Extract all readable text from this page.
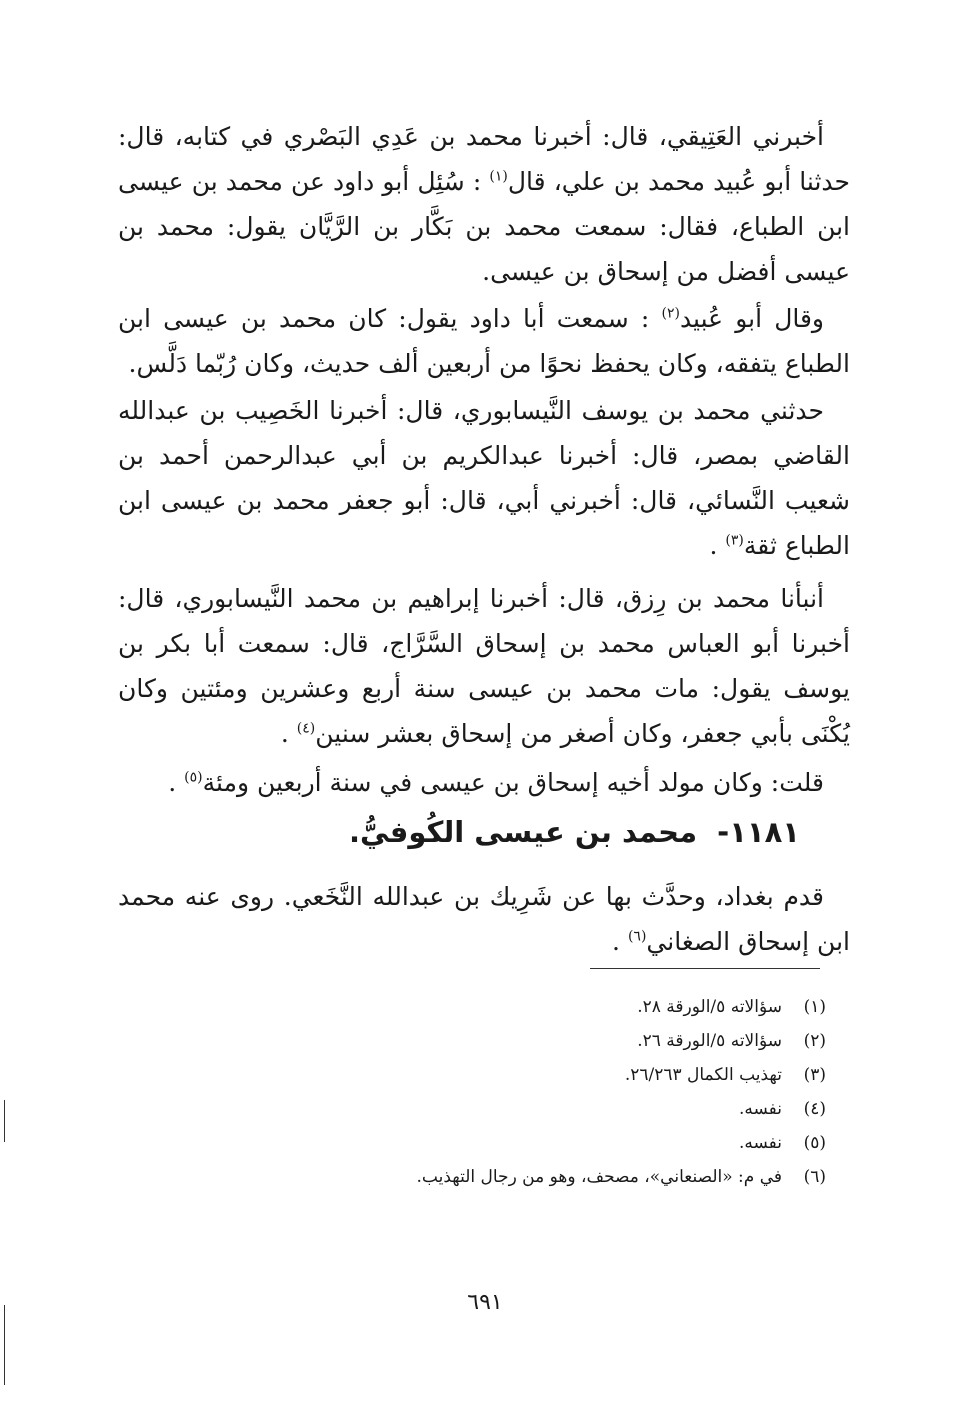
أخبرني العَتِيقي، قال: أخبرنا محمد بن عَدِي البَصْري في كتابه، قال: حدثنا أبو عُبيد محمد بن علي، قال$^{(١)}$ : سُئِل أبو داود عن محمد بن عيسى ابن الطباع، فقال: سمعت محمد بن بَكَّار بن الرَّيَّان يقول: محمد بن عيسى أفضل من إسحاق بن عيسى.

وقال أبو عُبيد$^{(٢)}$ : سمعت أبا داود يقول: كان محمد بن عيسى ابن الطباع يتفقه، وكان يحفظ نحوًا من أربعين ألف حديث، وكان رُبّما دَلَّس.

حدثني محمد بن يوسف النَّيسابوري، قال: أخبرنا الخَصِيب بن عبدالله القاضي بمصر، قال: أخبرنا عبدالكريم بن أبي عبدالرحمن أحمد بن شعيب النَّسائي، قال: أخبرني أبي، قال: أبو جعفر محمد بن عيسى ابن الطباع ثقة$^{(٣)}$ .

أنبأنا محمد بن رِزق، قال: أخبرنا إبراهيم بن محمد النَّيسابوري، قال: أخبرنا أبو العباس محمد بن إسحاق السَّرَّاج، قال: سمعت أبا بكر بن يوسف يقول: مات محمد بن عيسى سنة أربع وعشرين ومئتين وكان يُكْنَى بأبي جعفر، وكان أصغر من إسحاق بعشر سنين$^{(٤)}$ .

قلت: وكان مولد أخيه إسحاق بن عيسى في سنة أربعين ومئة$^{(٥)}$ .

١١٨١- محمد بن عيسى الكُوفيُّ.

قدم بغداد، وحدَّث بها عن شَرِيك بن عبدالله النَّخَعي. روى عنه محمد ابن إسحاق الصغاني$^{(٦)}$ .

(١)سؤالاته ٥/الورقة ٢٨.
(٢)سؤالاته ٥/الورقة ٢٦.
(٣)تهذيب الكمال ٢٦/٢٦٣.
(٤)نفسه.
(٥)نفسه.
(٦)في م: «الصنعاني»، مصحف، وهو من رجال التهذيب.

٦٩١
